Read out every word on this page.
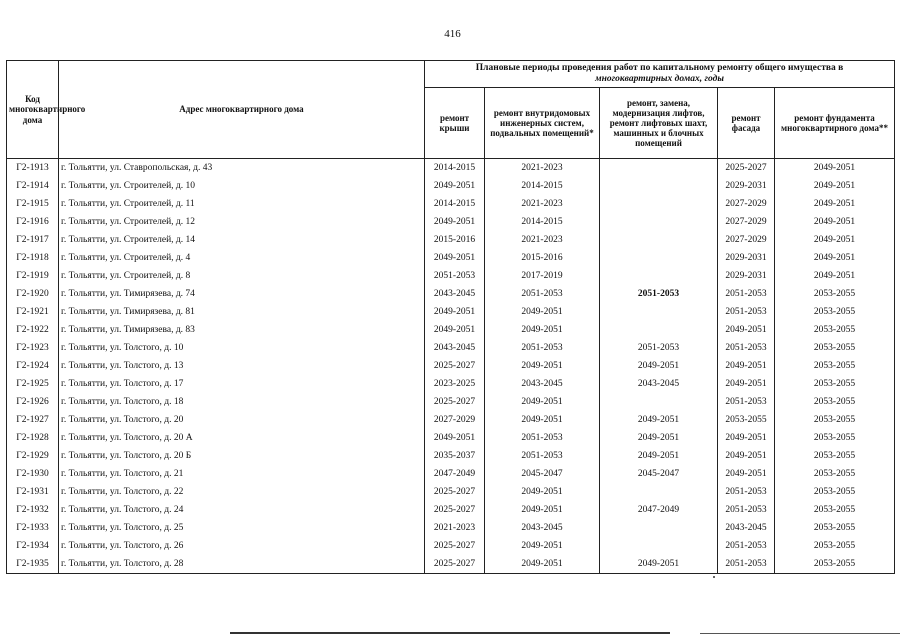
416
Код многоквартирного дома	Адрес многоквартирного дома	Плановые периоды проведения работ по капитальному ремонту общего имущества в
многоквартирных домах, годы				
		ремонт крыши	ремонт внутридомовых инженерных систем, подвальных помещений*	ремонт, замена, модернизация лифтов, ремонт лифтовых шахт, машинных и блочных помещений	ремонт фасада	ремонт фундамента многоквартирного дома**
Г2-1913	г. Тольятти, ул. Ставропольская, д. 43	2014-2015	2021-2023		2025-2027	2049-2051
Г2-1914	г. Тольятти, ул. Строителей, д. 10	2049-2051	2014-2015		2029-2031	2049-2051
Г2-1915	г. Тольятти, ул. Строителей, д. 11	2014-2015	2021-2023		2027-2029	2049-2051
Г2-1916	г. Тольятти, ул. Строителей, д. 12	2049-2051	2014-2015		2027-2029	2049-2051
Г2-1917	г. Тольятти, ул. Строителей, д. 14	2015-2016	2021-2023		2027-2029	2049-2051
Г2-1918	г. Тольятти, ул. Строителей, д. 4	2049-2051	2015-2016		2029-2031	2049-2051
Г2-1919	г. Тольятти, ул. Строителей, д. 8	2051-2053	2017-2019		2029-2031	2049-2051
Г2-1920	г. Тольятти, ул. Тимирязева, д. 74	2043-2045	2051-2053	2051-2053	2051-2053	2053-2055
Г2-1921	г. Тольятти, ул. Тимирязева, д. 81	2049-2051	2049-2051		2051-2053	2053-2055
Г2-1922	г. Тольятти, ул. Тимирязева, д. 83	2049-2051	2049-2051		2049-2051	2053-2055
Г2-1923	г. Тольятти, ул. Толстого, д. 10	2043-2045	2051-2053	2051-2053	2051-2053	2053-2055
Г2-1924	г. Тольятти, ул. Толстого, д. 13	2025-2027	2049-2051	2049-2051	2049-2051	2053-2055
Г2-1925	г. Тольятти, ул. Толстого, д. 17	2023-2025	2043-2045	2043-2045	2049-2051	2053-2055
Г2-1926	г. Тольятти, ул. Толстого, д. 18	2025-2027	2049-2051		2051-2053	2053-2055
Г2-1927	г. Тольятти, ул. Толстого, д. 20	2027-2029	2049-2051	2049-2051	2053-2055	2053-2055
Г2-1928	г. Тольятти, ул. Толстого, д. 20 А	2049-2051	2051-2053	2049-2051	2049-2051	2053-2055
Г2-1929	г. Тольятти, ул. Толстого, д. 20 Б	2035-2037	2051-2053	2049-2051	2049-2051	2053-2055
Г2-1930	г. Тольятти, ул. Толстого, д. 21	2047-2049	2045-2047	2045-2047	2049-2051	2053-2055
Г2-1931	г. Тольятти, ул. Толстого, д. 22	2025-2027	2049-2051		2051-2053	2053-2055
Г2-1932	г. Тольятти, ул. Толстого, д. 24	2025-2027	2049-2051	2047-2049	2051-2053	2053-2055
Г2-1933	г. Тольятти, ул. Толстого, д. 25	2021-2023	2043-2045		2043-2045	2053-2055
Г2-1934	г. Тольятти, ул. Толстого, д. 26	2025-2027	2049-2051		2051-2053	2053-2055
Г2-1935	г. Тольятти, ул. Толстого, д. 28	2025-2027	2049-2051	2049-2051	2051-2053	2053-2055
